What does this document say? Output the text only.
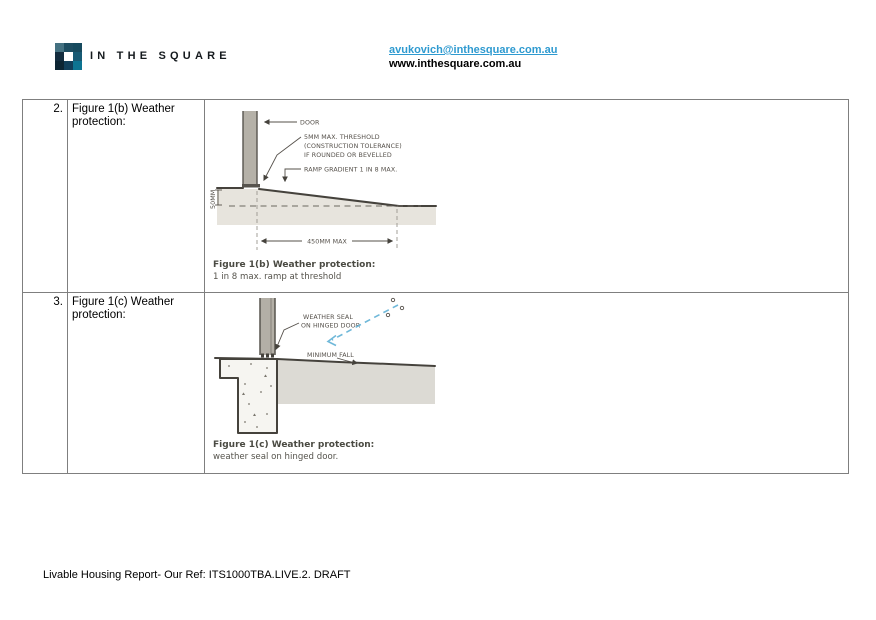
IN THE SQUARE	avukovich@inthesquare.com.au
www.inthesquare.com.au
2.	Figure 1(b) Weather protection:	
50MM
DOOR
5MM MAX. THRESHOLD
(CONSTRUCTION TOLERANCE)
IF ROUNDED OR BEVELLED
RAMP GRADIENT 1 IN 8 MAX.
450MM MAX
Figure 1(b) Weather protection:
1 in 8 max. ramp at threshold

3.	Figure 1(c) Weather protection:	WEATHER SEAL
ON HINGED DOOR
MINIMUM FALL
Figure 1(c) Weather protection:
weather seal on hinged door.
Livable Housing Report- Our Ref: ITS1000TBA.LIVE.2. DRAFT
